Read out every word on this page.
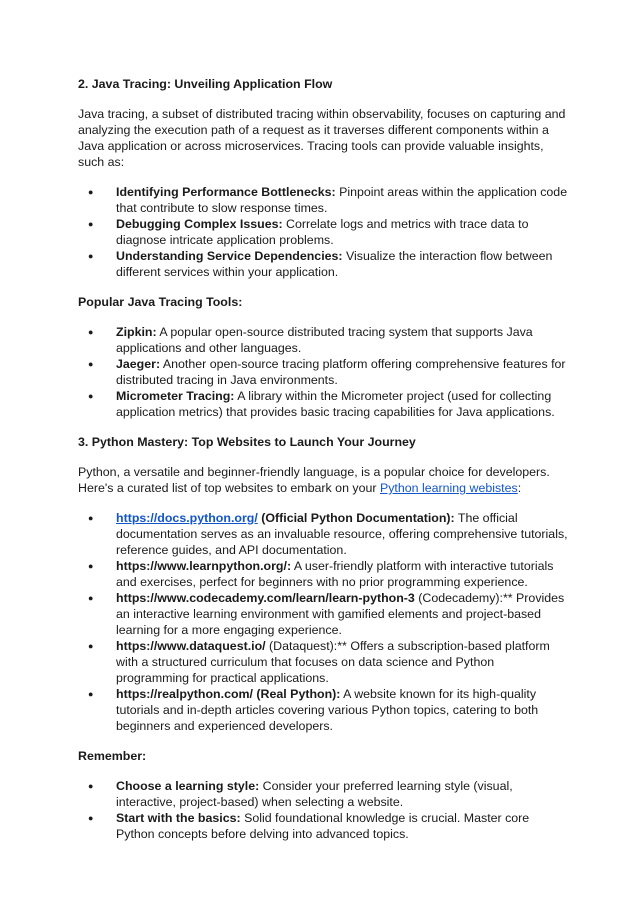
2. Java Tracing: Unveiling Application Flow

Java tracing, a subset of distributed tracing within observability, focuses on capturing and analyzing the execution path of a request as it traverses different components within a Java application or across microservices. Tracing tools can provide valuable insights, such as:

● Identifying Performance Bottlenecks: Pinpoint areas within the application code that contribute to slow response times.
● Debugging Complex Issues: Correlate logs and metrics with trace data to diagnose intricate application problems.
● Understanding Service Dependencies: Visualize the interaction flow between different services within your application.
Popular Java Tracing Tools:
● Zipkin: A popular open-source distributed tracing system that supports Java applications and other languages.
● Jaeger: Another open-source tracing platform offering comprehensive features for distributed tracing in Java environments.
● Micrometer Tracing: A library within the Micrometer project (used for collecting application metrics) that provides basic tracing capabilities for Java applications.
3. Python Mastery: Top Websites to Launch Your Journey

Python, a versatile and beginner-friendly language, is a popular choice for developers. Here's a curated list of top websites to embark on your Python learning webistes:

● https://docs.python.org/ (Official Python Documentation): The official documentation serves as an invaluable resource, offering comprehensive tutorials, reference guides, and API documentation.
● https://www.learnpython.org/: A user-friendly platform with interactive tutorials and exercises, perfect for beginners with no prior programming experience.
● https://www.codecademy.com/learn/learn-python-3 (Codecademy):** Provides an interactive learning environment with gamified elements and project-based learning for a more engaging experience.
● https://www.dataquest.io/ (Dataquest):** Offers a subscription-based platform with a structured curriculum that focuses on data science and Python programming for practical applications.
● https://realpython.com/ (Real Python): A website known for its high-quality tutorials and in-depth articles covering various Python topics, catering to both beginners and experienced developers.
Remember:
● Choose a learning style: Consider your preferred learning style (visual, interactive, project-based) when selecting a website.
● Start with the basics: Solid foundational knowledge is crucial. Master core Python concepts before delving into advanced topics.
